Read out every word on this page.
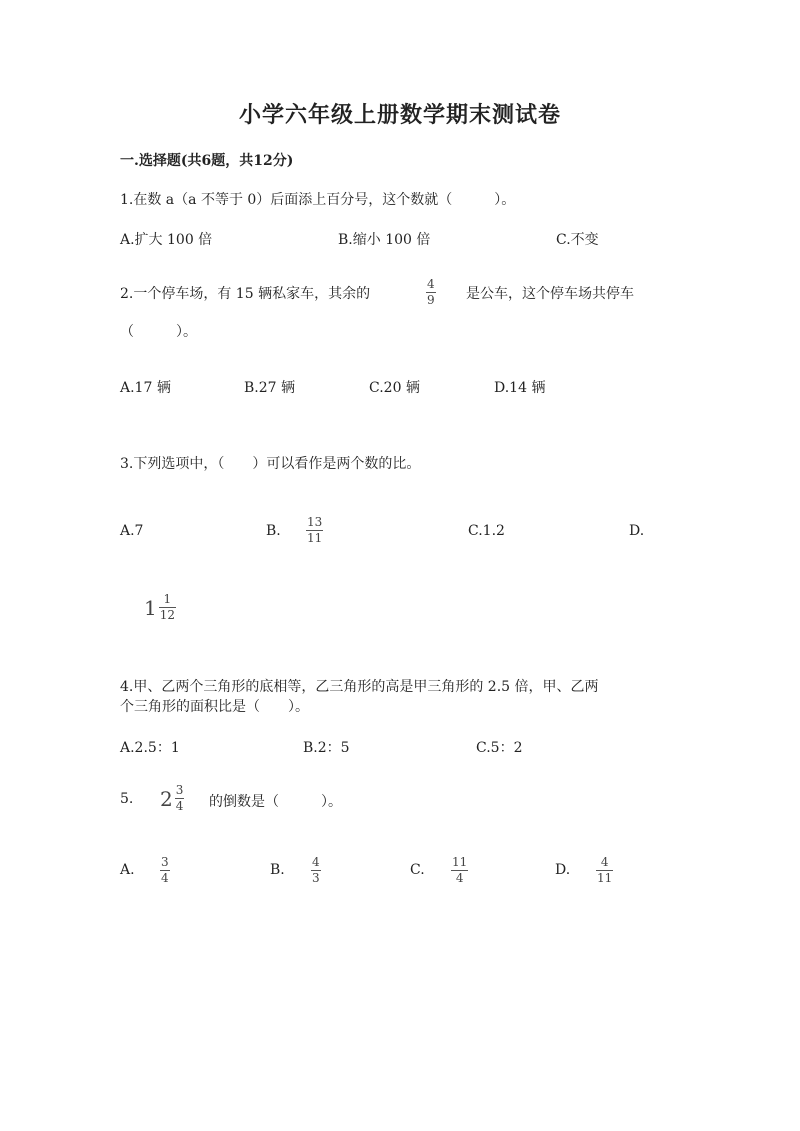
小学六年级上册数学期末测试卷
一.选择题(共6题，共12分)
1.在数 a（a 不等于 0）后面添上百分号，这个数就（　　　）。
A.扩大 100 倍	B.缩小 100 倍	C.不变
2.一个停车场，有 15 辆私家车，其余的
4
9 是公车，这个停车场共停车
（　　　）。
A.17 辆	B.27 辆	C.20 辆	D.14 辆
3.下列选项中，（　　）可以看作是两个数的比。
A.7	B.
13
11	C.1.2	D.
$1 \frac{1}{12}$
4.甲、乙两个三角形的底相等，乙三角形的高是甲三角形的 2.5 倍，甲、乙两
个三角形的面积比是（　　）。
A.2.5：1	B.2：5	C.5：2
5. $2 \frac{3}{4}$ 的倒数是（　　　）。
A. 3
4	B. 4
3	C. 11
4	D.	4
11
